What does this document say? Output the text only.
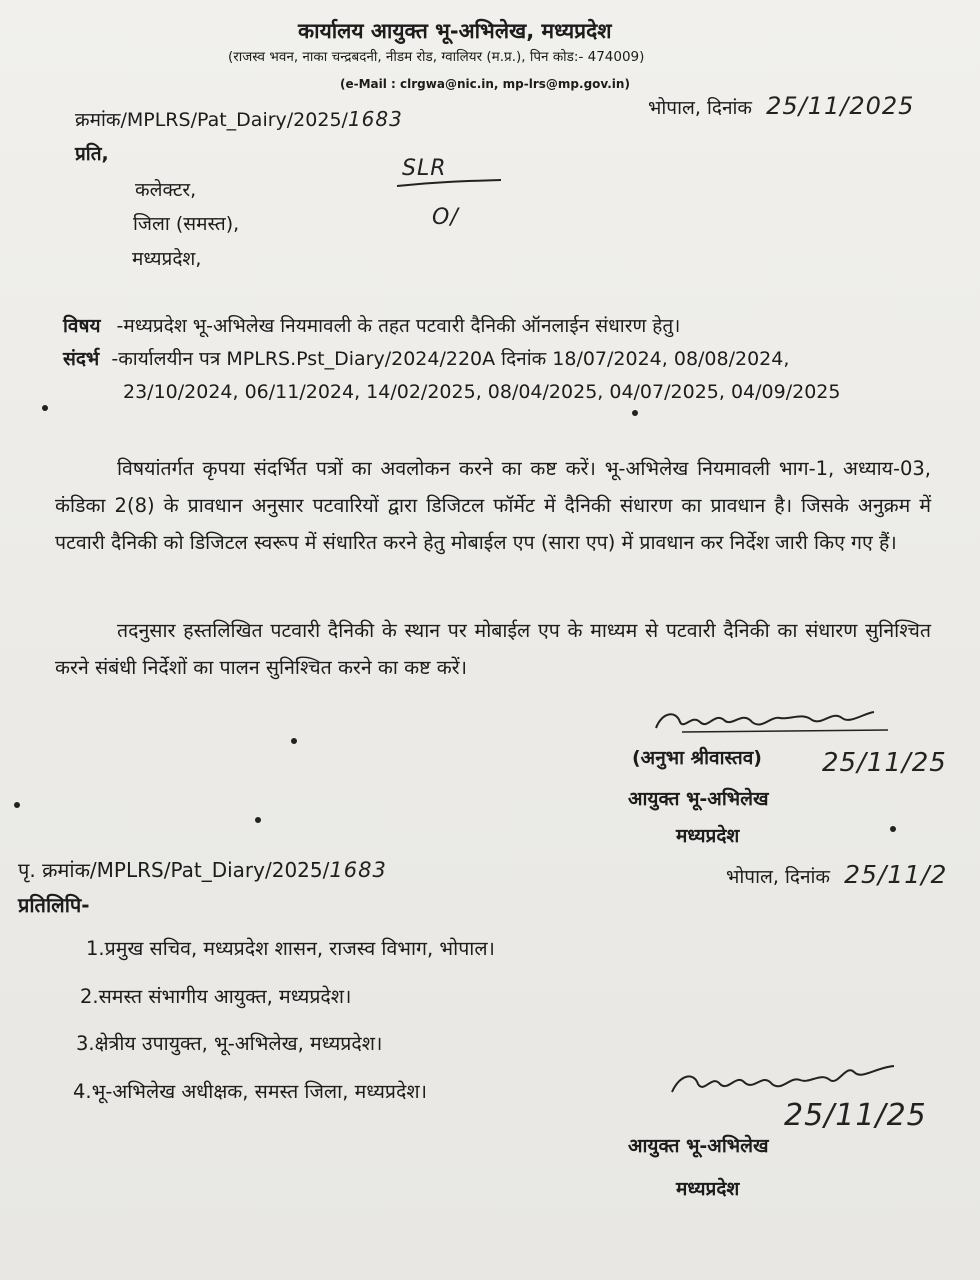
कार्यालय आयुक्त भू-अभिलेख, मध्यप्रदेश
(राजस्व भवन, नाका चन्द्रबदनी, नीडम रोड, ग्वालियर (म.प्र.), पिन कोड:- 474009)
(e-Mail : clrgwa@nic.in, mp-lrs@mp.gov.in)
क्रमांक/MPLRS/Pat_Dairy/2025/1683	भोपाल, दिनांक 25/11/2025
प्रति,
कलेक्टर,
जिला (समस्त),
मध्यप्रदेश,
SLR
O/
विषय -मध्यप्रदेश भू-अभिलेख नियमावली के तहत पटवारी दैनिकी ऑनलाईन संधारण हेतु।
संदर्भ -कार्यालयीन पत्र MPLRS.Pst_Diary/2024/220A दिनांक 18/07/2024, 08/08/2024,
23/10/2024, 06/11/2024, 14/02/2025, 08/04/2025, 04/07/2025, 04/09/2025
विषयांतर्गत कृपया संदर्भित पत्रों का अवलोकन करने का कष्ट करें। भू-अभिलेख नियमावली भाग-1, अध्याय-03, कंडिका 2(8) के प्रावधान अनुसार पटवारियों द्वारा डिजिटल फॉर्मेट में दैनिकी संधारण का प्रावधान है। जिसके अनुक्रम में पटवारी दैनिकी को डिजिटल स्वरूप में संधारित करने हेतु मोबाईल एप (सारा एप) में प्रावधान कर निर्देश जारी किए गए हैं।
तदनुसार हस्तलिखित पटवारी दैनिकी के स्थान पर मोबाईल एप के माध्यम से पटवारी दैनिकी का संधारण सुनिश्चित करने संबंधी निर्देशों का पालन सुनिश्चित करने का कष्ट करें।
(अनुभा श्रीवास्तव) 25/11/25
आयुक्त भू-अभिलेख
मध्यप्रदेश
पृ. क्रमांक/MPLRS/Pat_Diary/2025/1683	भोपाल, दिनांक 25/11/2
प्रतिलिपि-
1.प्रमुख सचिव, मध्यप्रदेश शासन, राजस्व विभाग, भोपाल।
2.समस्त संभागीय आयुक्त, मध्यप्रदेश।
3.क्षेत्रीय उपायुक्त, भू-अभिलेख, मध्यप्रदेश।
4.भू-अभिलेख अधीक्षक, समस्त जिला, मध्यप्रदेश।
25/11/25
आयुक्त भू-अभिलेख
मध्यप्रदेश
